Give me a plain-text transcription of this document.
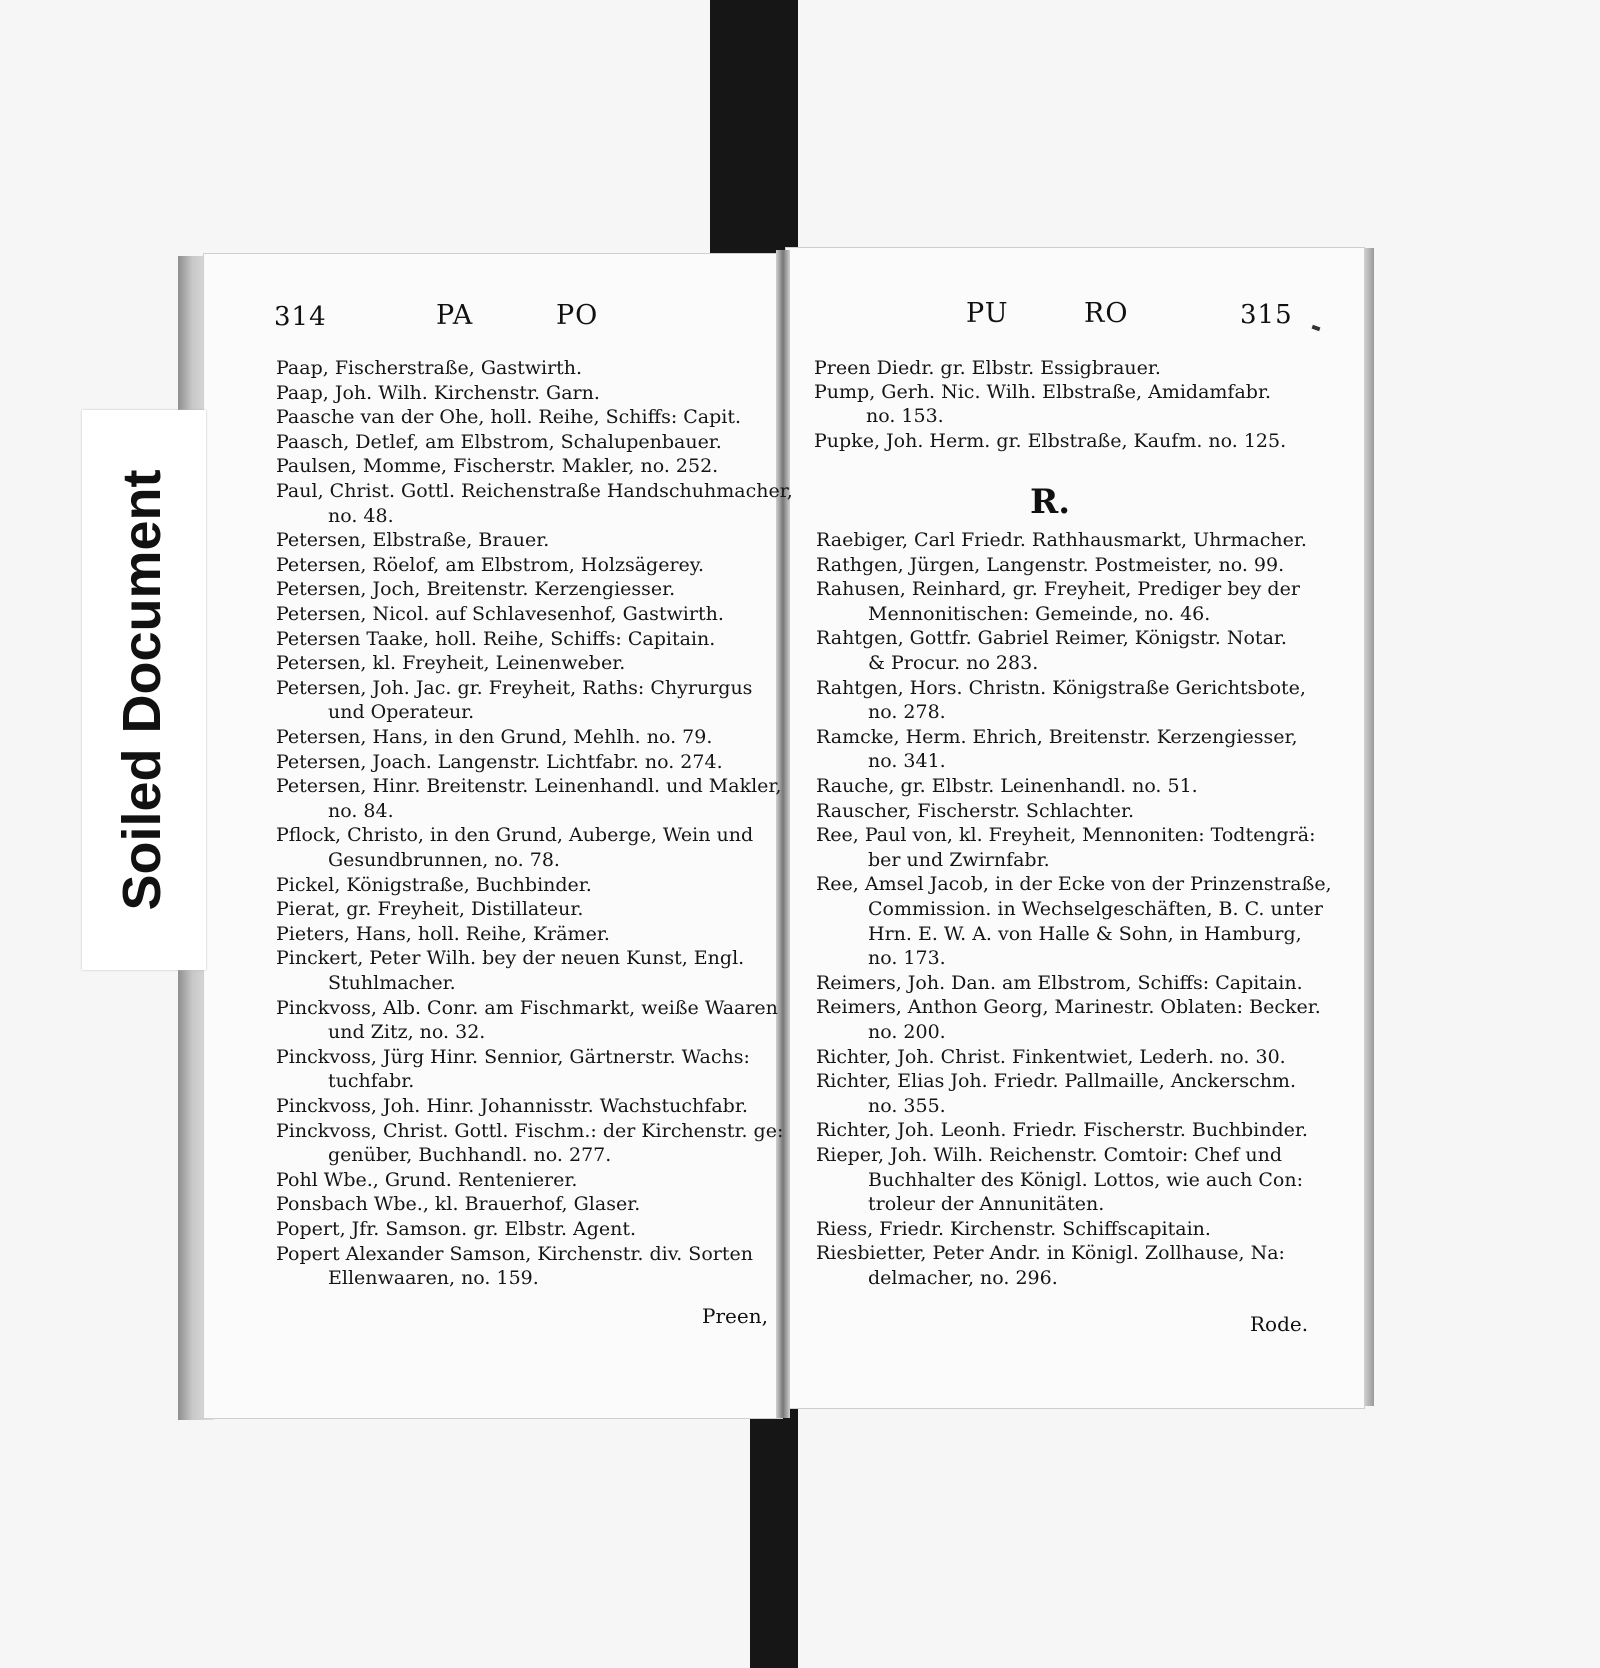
Soiled Document
314	PA	PO	PU	RO	315
Paap, Fischerstraße, Gastwirth.
Paap, Joh. Wilh. Kirchenstr. Garn.
Paasche van der Ohe, holl. Reihe, Schiffs: Capit.
Paasch, Detlef, am Elbstrom, Schalupenbauer.
Paulsen, Momme, Fischerstr. Makler, no. 252.
Paul, Christ. Gottl. Reichenstraße Handschuhmacher,
no. 48.
Petersen, Elbstraße, Brauer.
Petersen, Röelof, am Elbstrom, Holzsägerey.
Petersen, Joch, Breitenstr. Kerzengiesser.
Petersen, Nicol. auf Schlavesenhof, Gastwirth.
Petersen Taake, holl. Reihe, Schiffs: Capitain.
Petersen, kl. Freyheit, Leinenweber.
Petersen, Joh. Jac. gr. Freyheit, Raths: Chyrurgus
und Operateur.
Petersen, Hans, in den Grund, Mehlh. no. 79.
Petersen, Joach. Langenstr. Lichtfabr. no. 274.
Petersen, Hinr. Breitenstr. Leinenhandl. und Makler,
no. 84.
Pflock, Christo, in den Grund, Auberge, Wein und
Gesundbrunnen, no. 78.
Pickel, Königstraße, Buchbinder.
Pierat, gr. Freyheit, Distillateur.
Pieters, Hans, holl. Reihe, Krämer.
Pinckert, Peter Wilh. bey der neuen Kunst, Engl.
Stuhlmacher.
Pinckvoss, Alb. Conr. am Fischmarkt, weiße Waaren
und Zitz, no. 32.
Pinckvoss, Jürg Hinr. Sennior, Gärtnerstr. Wachs:
tuchfabr.
Pinckvoss, Joh. Hinr. Johannisstr. Wachstuchfabr.
Pinckvoss, Christ. Gottl. Fischm.: der Kirchenstr. ge:
genüber, Buchhandl. no. 277.
Pohl Wbe., Grund. Rentenierer.
Ponsbach Wbe., kl. Brauerhof, Glaser.
Popert, Jfr. Samson. gr. Elbstr. Agent.
Popert Alexander Samson, Kirchenstr. div. Sorten
Ellenwaaren, no. 159.
Preen Diedr. gr. Elbstr. Essigbrauer.
Pump, Gerh. Nic. Wilh. Elbstraße, Amidamfabr.
no. 153.
Pupke, Joh. Herm. gr. Elbstraße, Kaufm. no. 125.
R.
Raebiger, Carl Friedr. Rathhausmarkt, Uhrmacher.
Rathgen, Jürgen, Langenstr. Postmeister, no. 99.
Rahusen, Reinhard, gr. Freyheit, Prediger bey der
Mennonitischen: Gemeinde, no. 46.
Rahtgen, Gottfr. Gabriel Reimer, Königstr. Notar.
& Procur. no 283.
Rahtgen, Hors. Christn. Königstraße Gerichtsbote,
no. 278.
Ramcke, Herm. Ehrich, Breitenstr. Kerzengiesser,
no. 341.
Rauche, gr. Elbstr. Leinenhandl. no. 51.
Rauscher, Fischerstr. Schlachter.
Ree, Paul von, kl. Freyheit, Mennoniten: Todtengrä:
ber und Zwirnfabr.
Ree, Amsel Jacob, in der Ecke von der Prinzenstraße,
Commission. in Wechselgeschäften, B. C. unter
Hrn. E. W. A. von Halle & Sohn, in Hamburg,
no. 173.
Reimers, Joh. Dan. am Elbstrom, Schiffs: Capitain.
Reimers, Anthon Georg, Marinestr. Oblaten: Becker.
no. 200.
Richter, Joh. Christ. Finkentwiet, Lederh. no. 30.
Richter, Elias Joh. Friedr. Pallmaille, Anckerschm.
no. 355.
Richter, Joh. Leonh. Friedr. Fischerstr. Buchbinder.
Rieper, Joh. Wilh. Reichenstr. Comtoir: Chef und
Buchhalter des Königl. Lottos, wie auch Con:
troleur der Annunitäten.
Riess, Friedr. Kirchenstr. Schiffscapitain.
Riesbietter, Peter Andr. in Königl. Zollhause, Na:
delmacher, no. 296.
Preen,	Rode.
